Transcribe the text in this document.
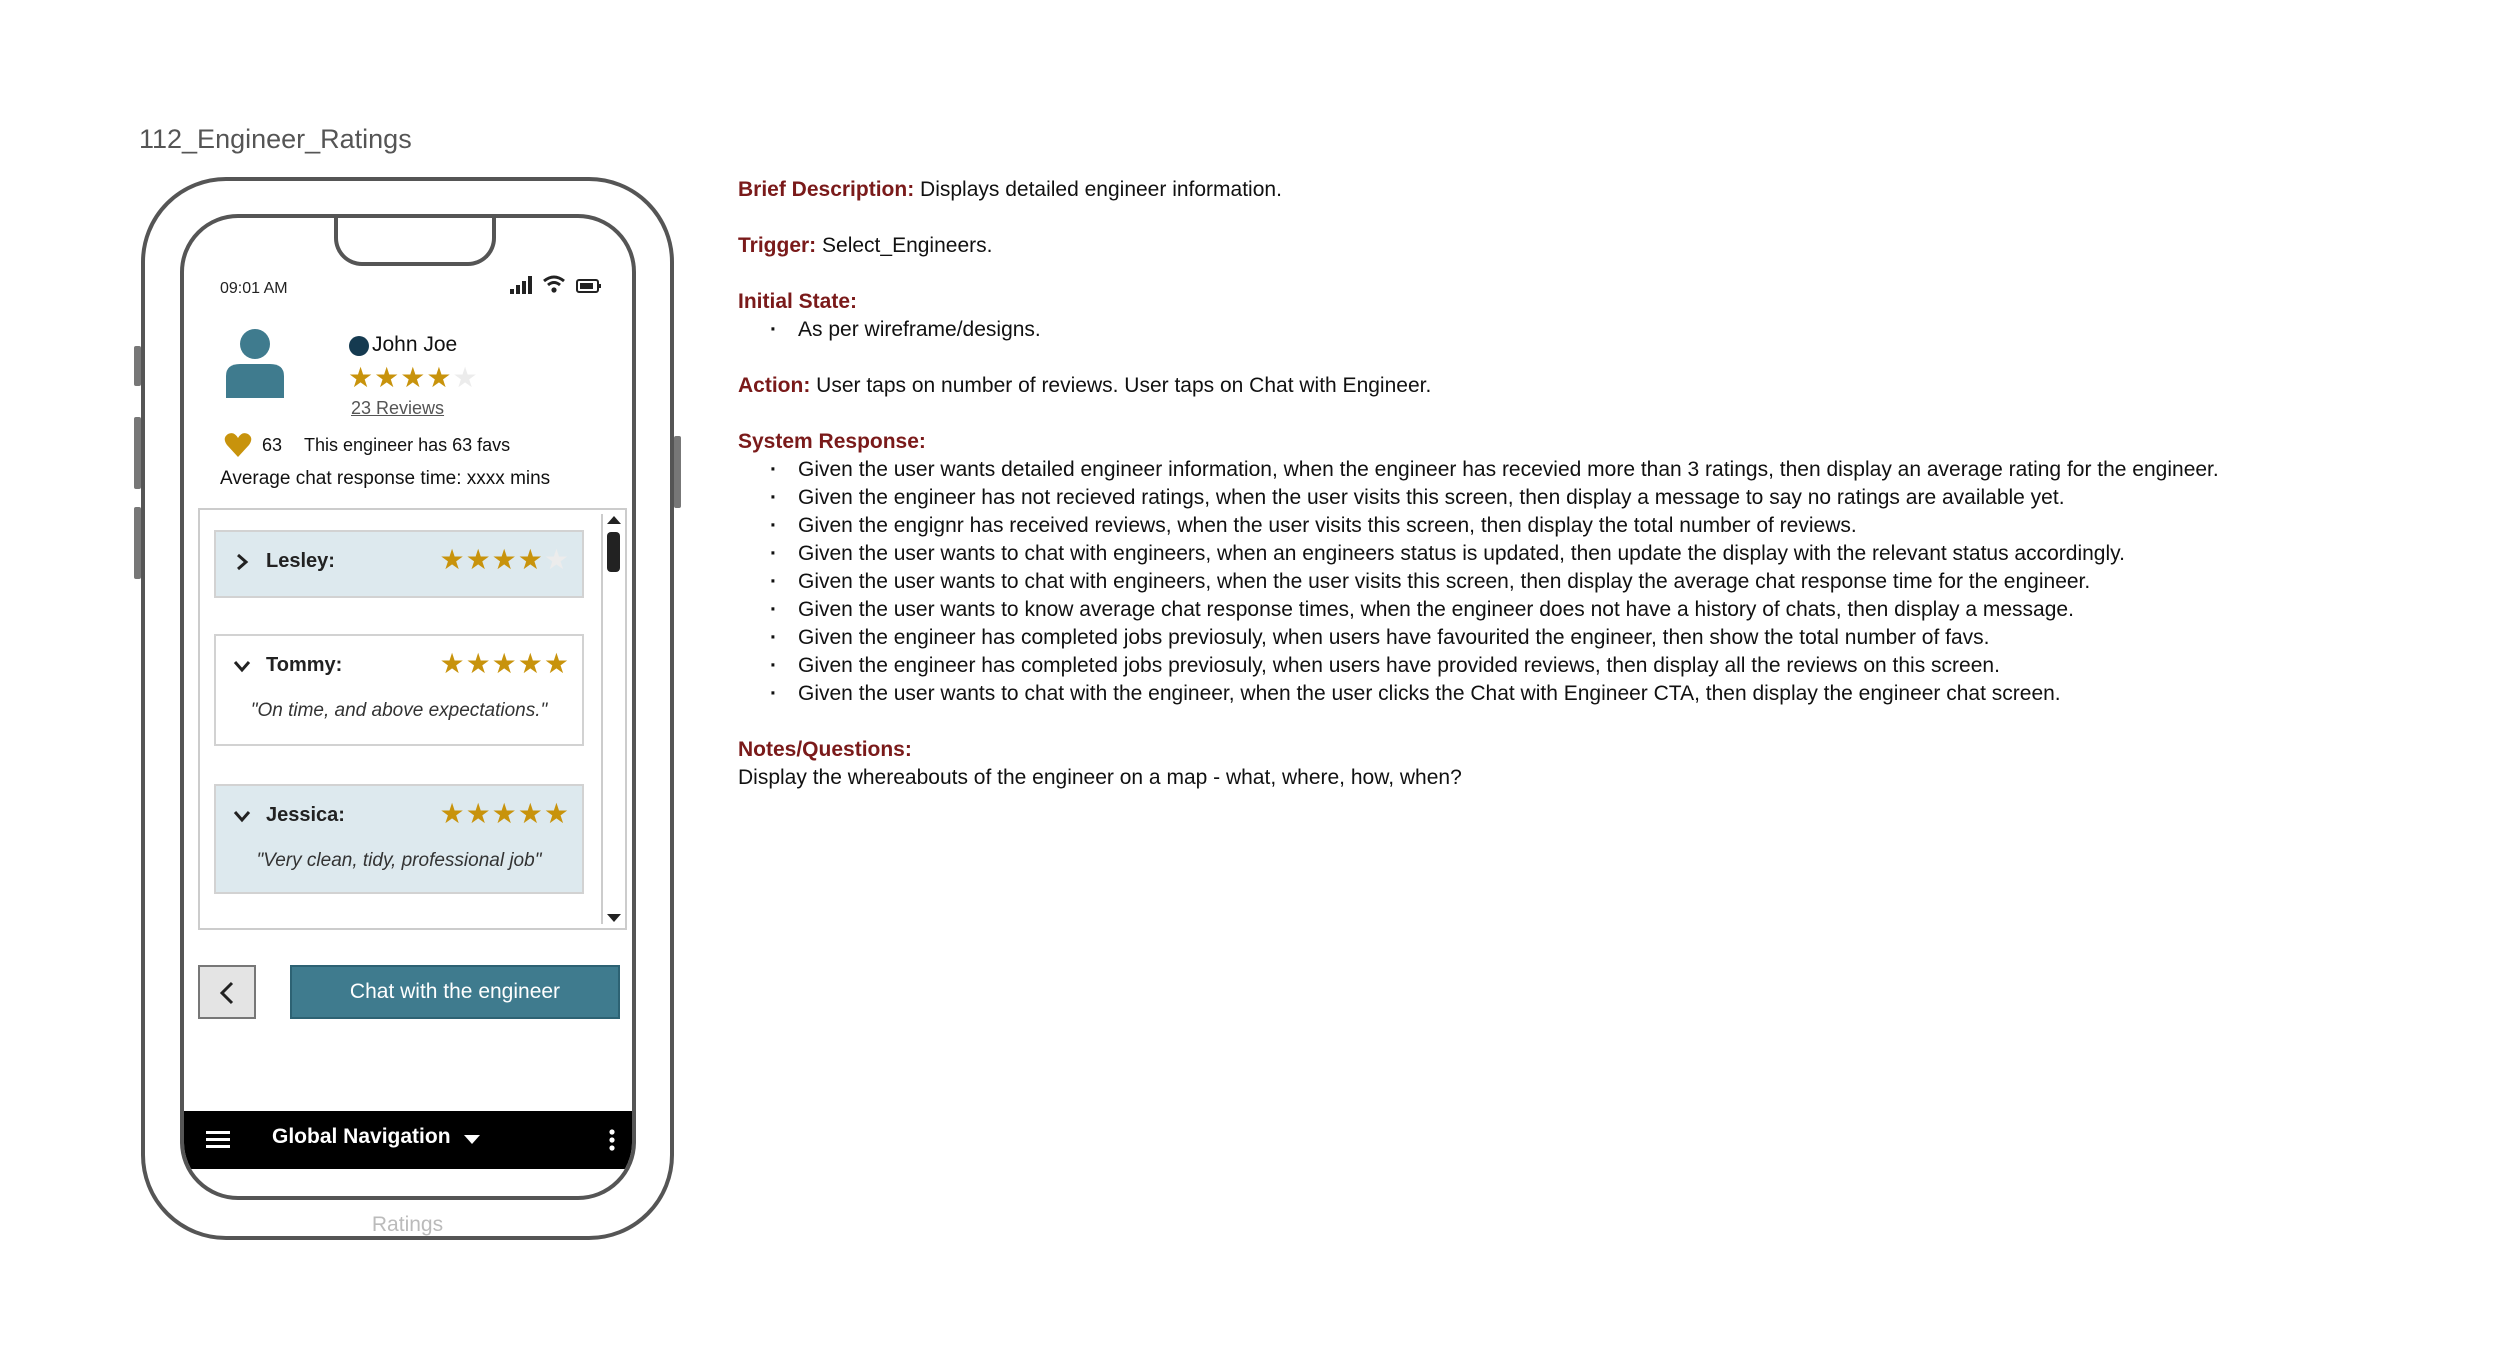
112_Engineer_Ratings
09:01 AM
John Joe
★★★★★
23 Reviews
63 This engineer has 63 favs
Average chat response time: xxxx mins
Lesley:	★★★★★
Tommy:	★★★★★
"On time, and above expectations."
Jessica:	★★★★★
"Very clean, tidy, professional job"
Chat with the engineer
Global Navigation
Ratings
Brief Description: Displays detailed engineer information.
Trigger: Select_Engineers.
Initial State:
· As per wireframe/designs.
Action: User taps on number of reviews. User taps on Chat with Engineer.
System Response:
· Given the user wants detailed engineer information, when the engineer has recevied more than 3 ratings, then display an average rating for the engineer.
· Given the engineer has not recieved ratings, when the user visits this screen, then display a message to say no ratings are available yet.
· Given the engignr has received reviews, when the user visits this screen, then display the total number of reviews.
· Given the user wants to chat with engineers, when an engineers status is updated, then update the display with the relevant status accordingly.
· Given the user wants to chat with engineers, when the user visits this screen, then display the average chat response time for the engineer.
· Given the user wants to know average chat response times, when the engineer does not have a history of chats, then display a message.
· Given the engineer has completed jobs previosuly, when users have favourited the engineer, then show the total number of favs.
· Given the engineer has completed jobs previosuly, when users have provided reviews, then display all the reviews on this screen.
· Given the user wants to chat with the engineer, when the user clicks the Chat with Engineer CTA, then display the engineer chat screen.
Notes/Questions:
Display the whereabouts of the engineer on a map - what, where, how, when?
